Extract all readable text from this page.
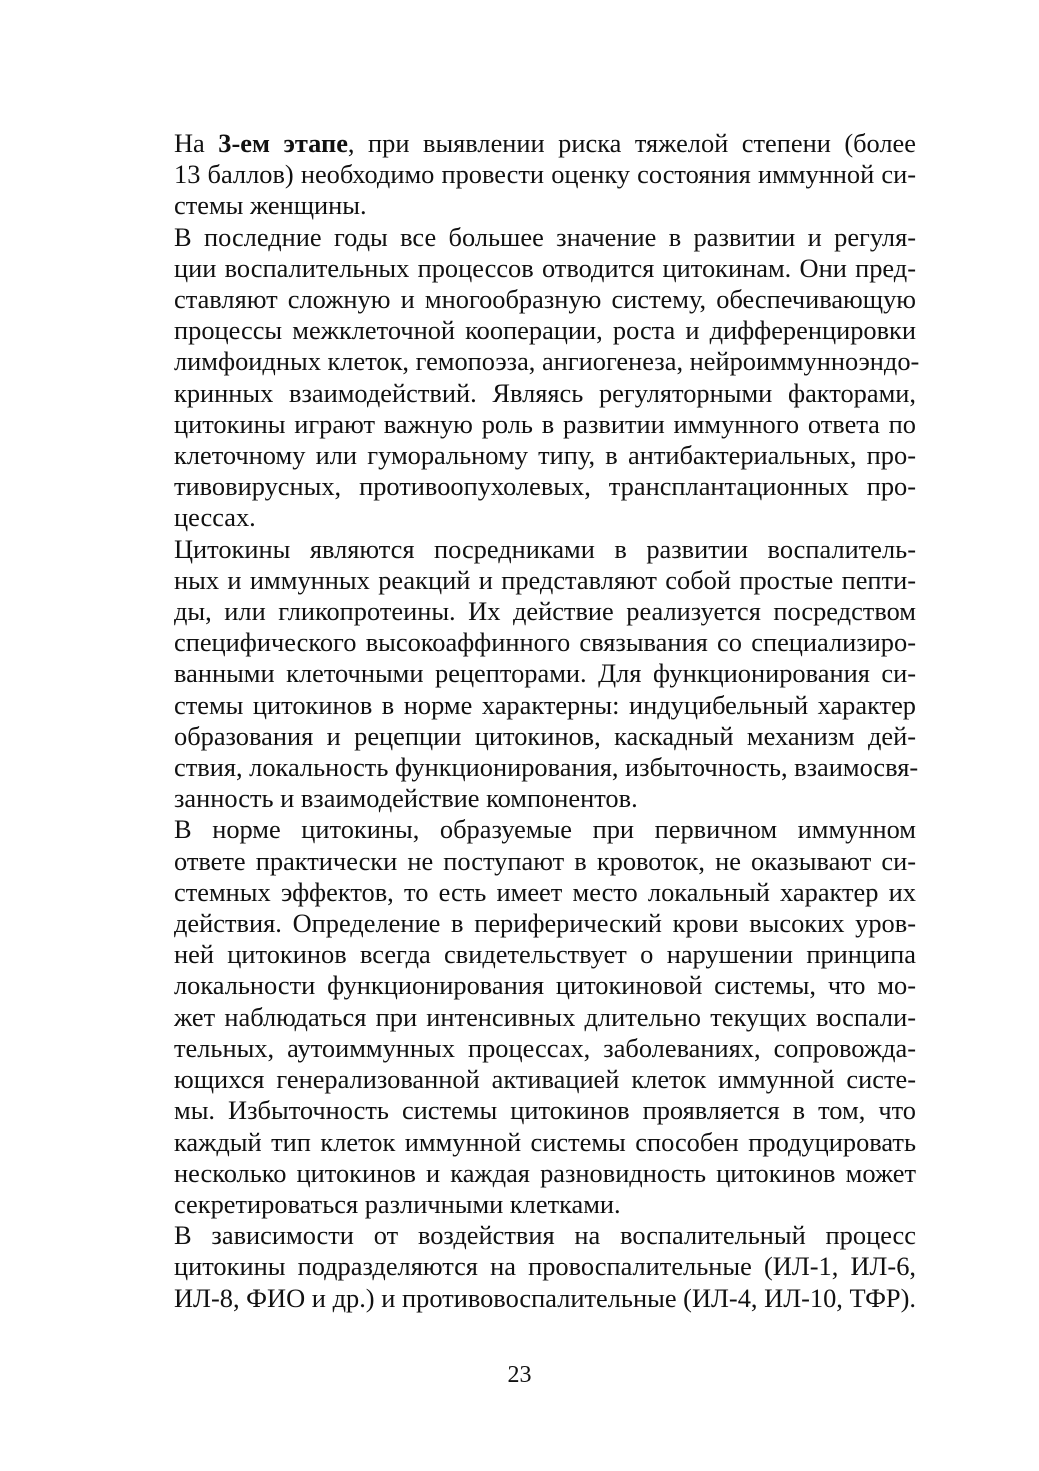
На 3-ем этапе, при выявлении риска тяжелой степени (более
13 баллов) необходимо провести оценку состояния иммунной си-
стемы женщины.

В последние годы все большее значение в развитии и регуля-
ции воспалительных процессов отводится цитокинам. Они пред-
ставляют сложную и многообразную систему, обеспечивающую
процессы межклеточной кооперации, роста и дифференцировки
лимфоидных клеток, гемопоэза, ангиогенеза, нейроиммунноэндо-
кринных взаимодействий. Являясь регуляторными факторами,
цитокины играют важную роль в развитии иммунного ответа по
клеточному или гуморальному типу, в антибактериальных, про-
тивовирусных, противоопухолевых, трансплантационных про-
цессах.

Цитокины являются посредниками в развитии воспалитель-
ных и иммунных реакций и представляют собой простые пепти-
ды, или гликопротеины. Их действие реализуется посредством
специфического высокоаффинного связывания со специализиро-
ванными клеточными рецепторами. Для функционирования си-
стемы цитокинов в норме характерны: индуцибельный характер
образования и рецепции цитокинов, каскадный механизм дей-
ствия, локальность функционирования, избыточность, взаимосвя-
занность и взаимодействие компонентов.

В норме цитокины, образуемые при первичном иммунном
ответе практически не поступают в кровоток, не оказывают си-
стемных эффектов, то есть имеет место локальный характер их
действия. Определение в периферический крови высоких уров-
ней цитокинов всегда свидетельствует о нарушении принципа
локальности функционирования цитокиновой системы, что мо-
жет наблюдаться при интенсивных длительно текущих воспали-
тельных, аутоиммунных процессах, заболеваниях, сопровожда-
ющихся генерализованной активацией клеток иммунной систе-
мы. Избыточность системы цитокинов проявляется в том, что
каждый тип клеток иммунной системы способен продуцировать
несколько цитокинов и каждая разновидность цитокинов может
секретироваться различными клетками.

В зависимости от воздействия на воспалительный процесс
цитокины подразделяются на провоспалительные (ИЛ-1, ИЛ-6,
ИЛ-8, ФИО и др.) и противовоспалительные (ИЛ-4, ИЛ-10, ТФР).

23
